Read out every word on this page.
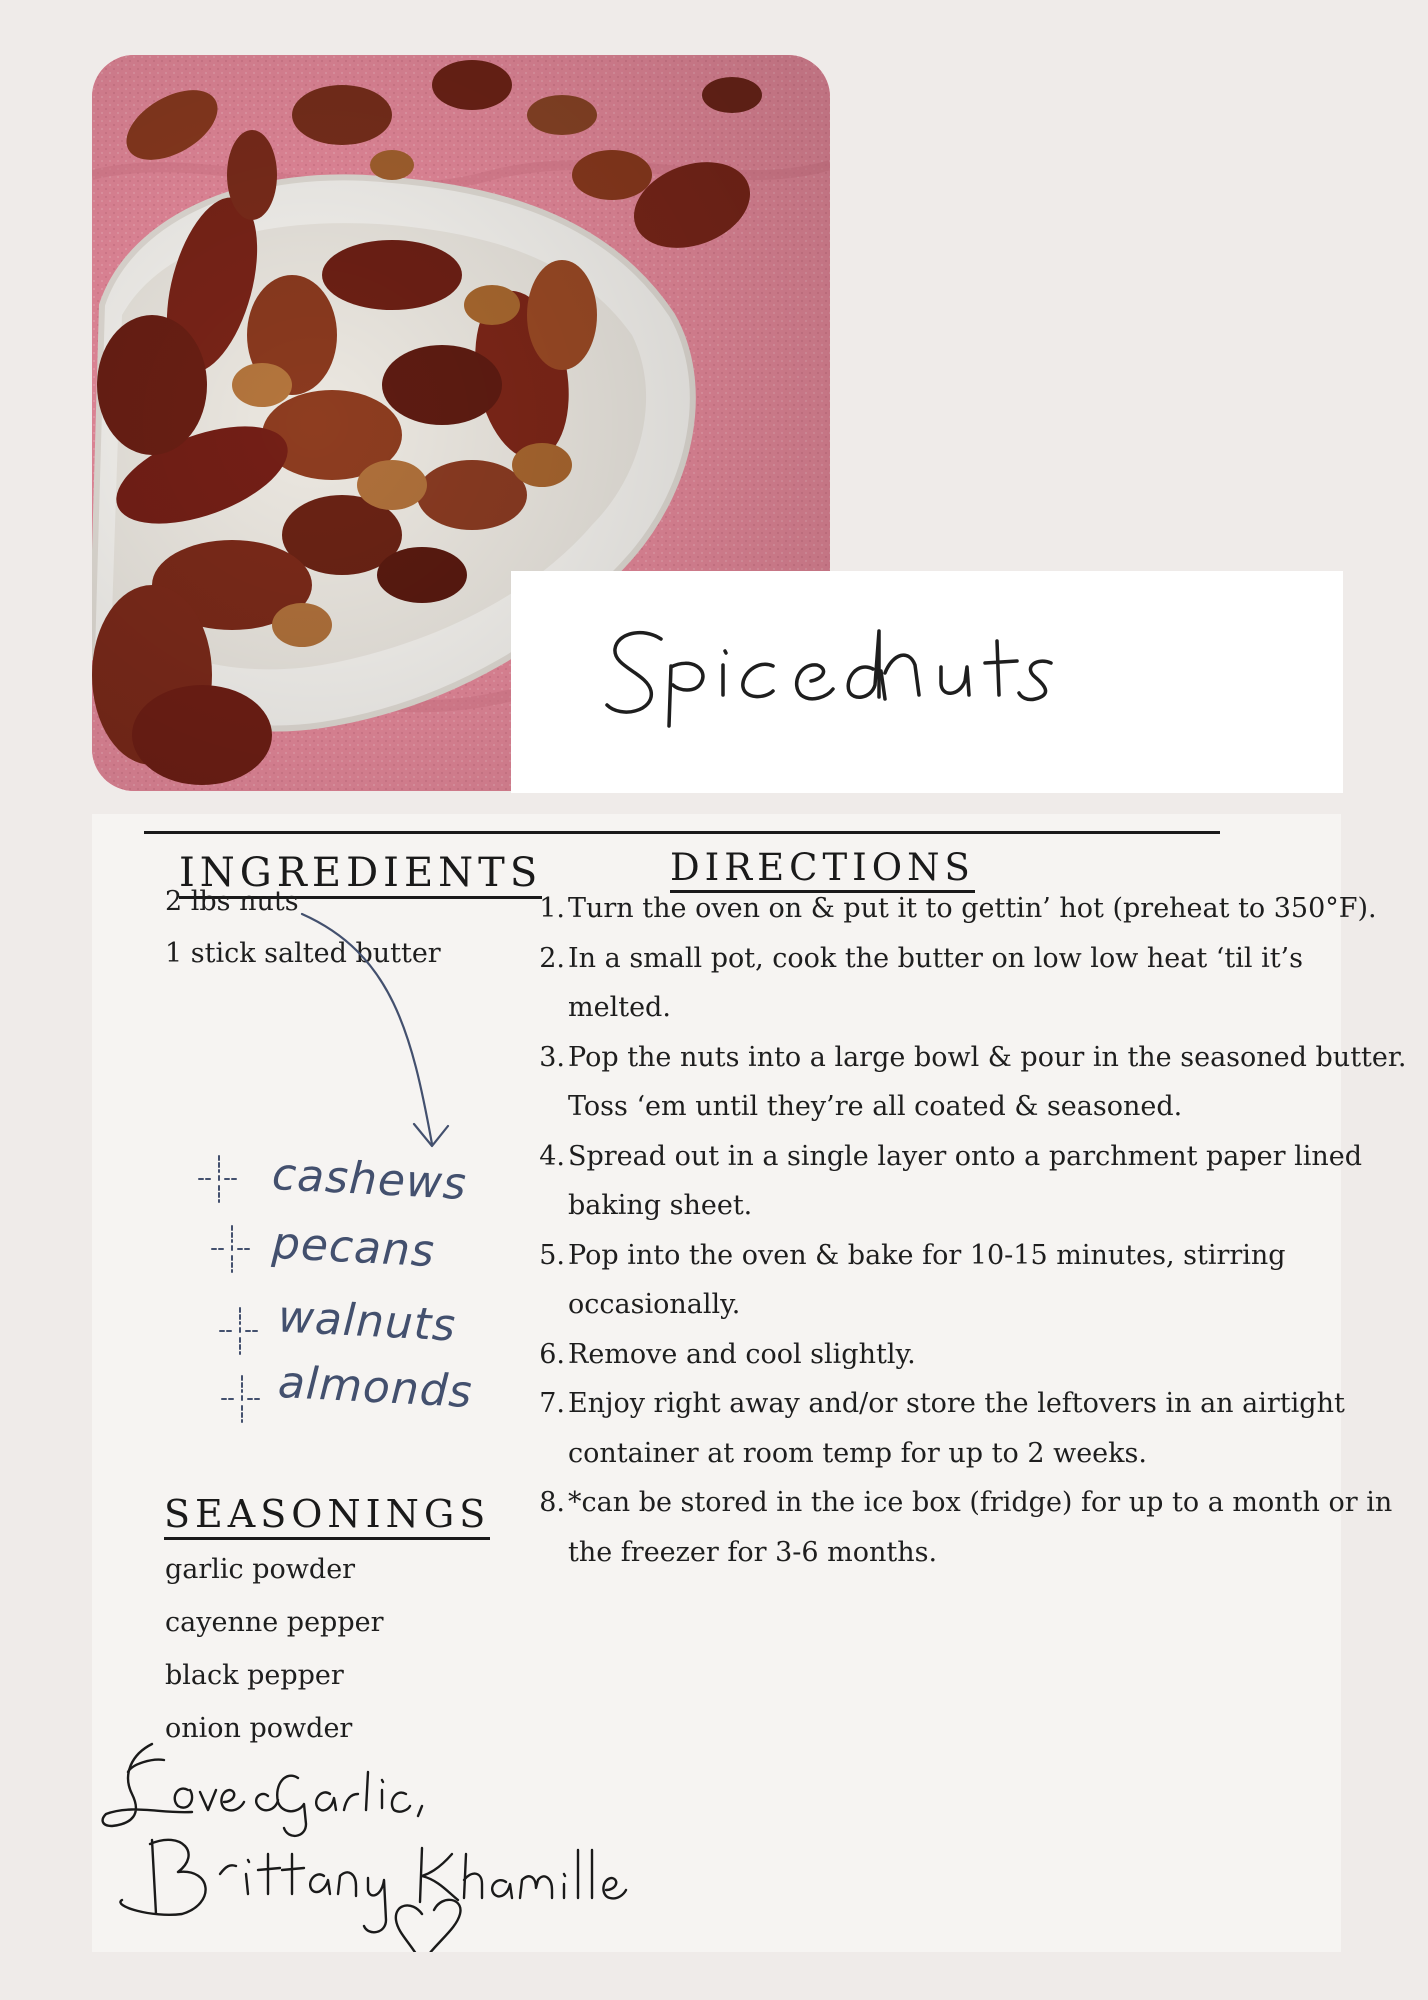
INGREDIENTS
2 lbs nuts
1 stick salted butter
DIRECTIONS
1 . Turn the oven on & put it to gettin’ hot (preheat to 350°F).
2 . In a small pot, cook the butter on low low heat ‘til it’s melted.
3 . Pop the nuts into a large bowl & pour in the seasoned butter. Toss ‘em until they’re all coated & seasoned.
4 . Spread out in a single layer onto a parchment paper lined baking sheet.
5 . Pop into the oven & bake for 10-15 minutes, stirring occasionally.
6 . Remove and cool slightly.
7 . Enjoy right away and/or store the leftovers in an airtight container at room temp for up to 2 weeks.
8 . *can be stored in the ice box (fridge) for up to a month or in the freezer for 3-6 months.
cashews
pecans
walnuts
almonds
SEASONINGS
garlic powder
cayenne pepper
black pepper
onion powder
